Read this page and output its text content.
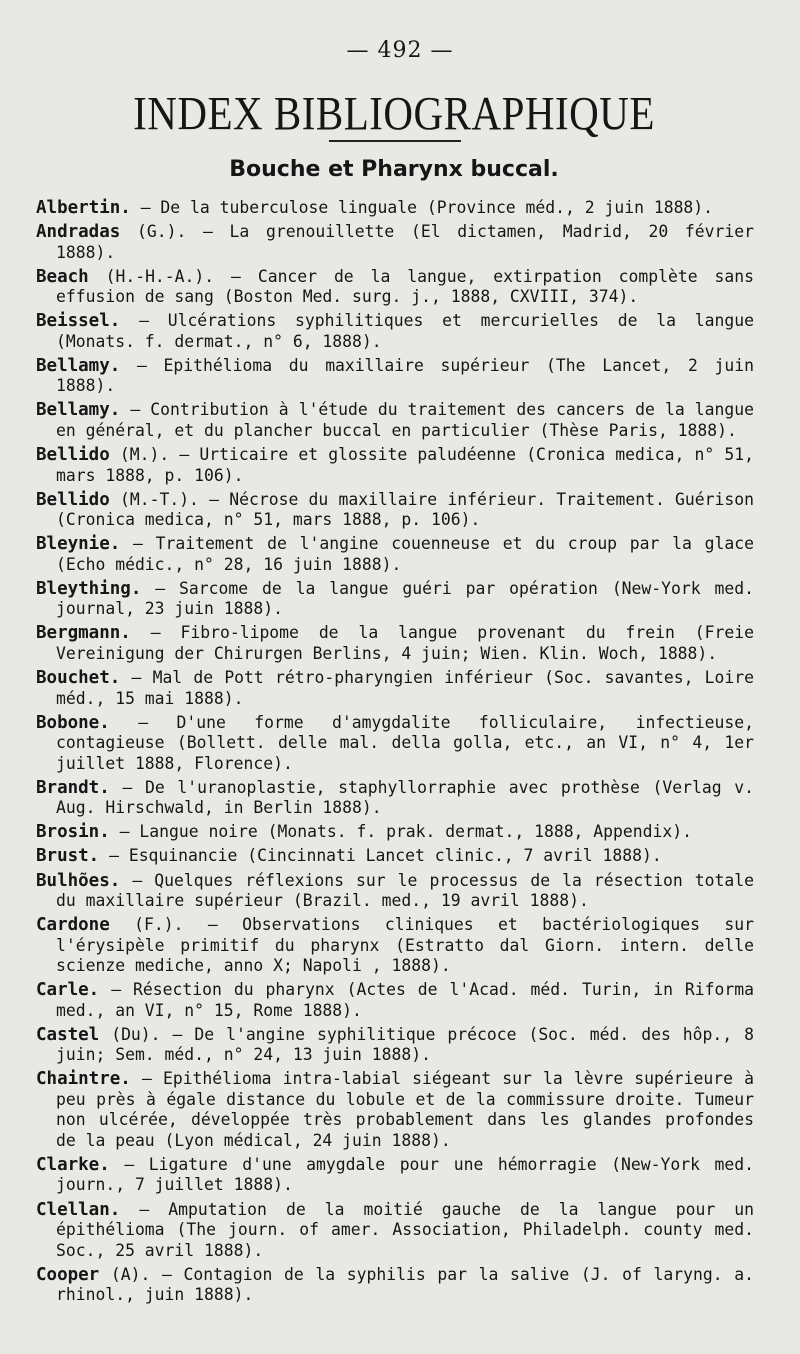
— 492 —
INDEX BIBLIOGRAPHIQUE
Bouche et Pharynx buccal.
Albertin. — De la tuberculose linguale (Province méd., 2 juin 1888).
Andradas (G.). — La grenouillette (El dictamen, Madrid, 20 février 1888).
Beach (H.-H.-A.). — Cancer de la langue, extirpation complète sans effusion de sang (Boston Med. surg. j., 1888, CXVIII, 374).
Beissel. — Ulcérations syphilitiques et mercurielles de la langue (Monats. f. dermat., n° 6, 1888).
Bellamy. — Epithélioma du maxillaire supérieur (The Lancet, 2 juin 1888).
Bellamy. — Contribution à l'étude du traitement des cancers de la langue en général, et du plancher buccal en particulier (Thèse Paris, 1888).
Bellido (M.). — Urticaire et glossite paludéenne (Cronica medica, n° 51, mars 1888, p. 106).
Bellido (M.-T.). — Nécrose du maxillaire inférieur. Traitement. Guérison (Cronica medica, n° 51, mars 1888, p. 106).
Bleynie. — Traitement de l'angine couenneuse et du croup par la glace (Echo médic., n° 28, 16 juin 1888).
Bleything. — Sarcome de la langue guéri par opération (New-York med. journal, 23 juin 1888).
Bergmann. — Fibro-lipome de la langue provenant du frein (Freie Vereinigung der Chirurgen Berlins, 4 juin; Wien. Klin. Woch, 1888).
Bouchet. — Mal de Pott rétro-pharyngien inférieur (Soc. savantes, Loire méd., 15 mai 1888).
Bobone. — D'une forme d'amygdalite folliculaire, infectieuse, contagieuse (Bollett. delle mal. della golla, etc., an VI, n° 4, 1er juillet 1888, Florence).
Brandt. — De l'uranoplastie, staphyllorraphie avec prothèse (Verlag v. Aug. Hirschwald, in Berlin 1888).
Brosin. — Langue noire (Monats. f. prak. dermat., 1888, Appendix).
Brust. — Esquinancie (Cincinnati Lancet clinic., 7 avril 1888).
Bulhões. — Quelques réflexions sur le processus de la résection totale du maxillaire supérieur (Brazil. med., 19 avril 1888).
Cardone (F.). — Observations cliniques et bactériologiques sur l'érysipèle primitif du pharynx (Estratto dal Giorn. intern. delle scienze mediche, anno X; Napoli , 1888).
Carle. — Résection du pharynx (Actes de l'Acad. méd. Turin, in Riforma med., an VI, n° 15, Rome 1888).
Castel (Du). — De l'angine syphilitique précoce (Soc. méd. des hôp., 8 juin; Sem. méd., n° 24, 13 juin 1888).
Chaintre. — Epithélioma intra-labial siégeant sur la lèvre supérieure à peu près à égale distance du lobule et de la commissure droite. Tumeur non ulcérée, développée très probablement dans les glandes profondes de la peau (Lyon médical, 24 juin 1888).
Clarke. — Ligature d'une amygdale pour une hémorragie (New-York med. journ., 7 juillet 1888).
Clellan. — Amputation de la moitié gauche de la langue pour un épithélioma (The journ. of amer. Association, Philadelph. county med. Soc., 25 avril 1888).
Cooper (A). — Contagion de la syphilis par la salive (J. of laryng. a. rhinol., juin 1888).
